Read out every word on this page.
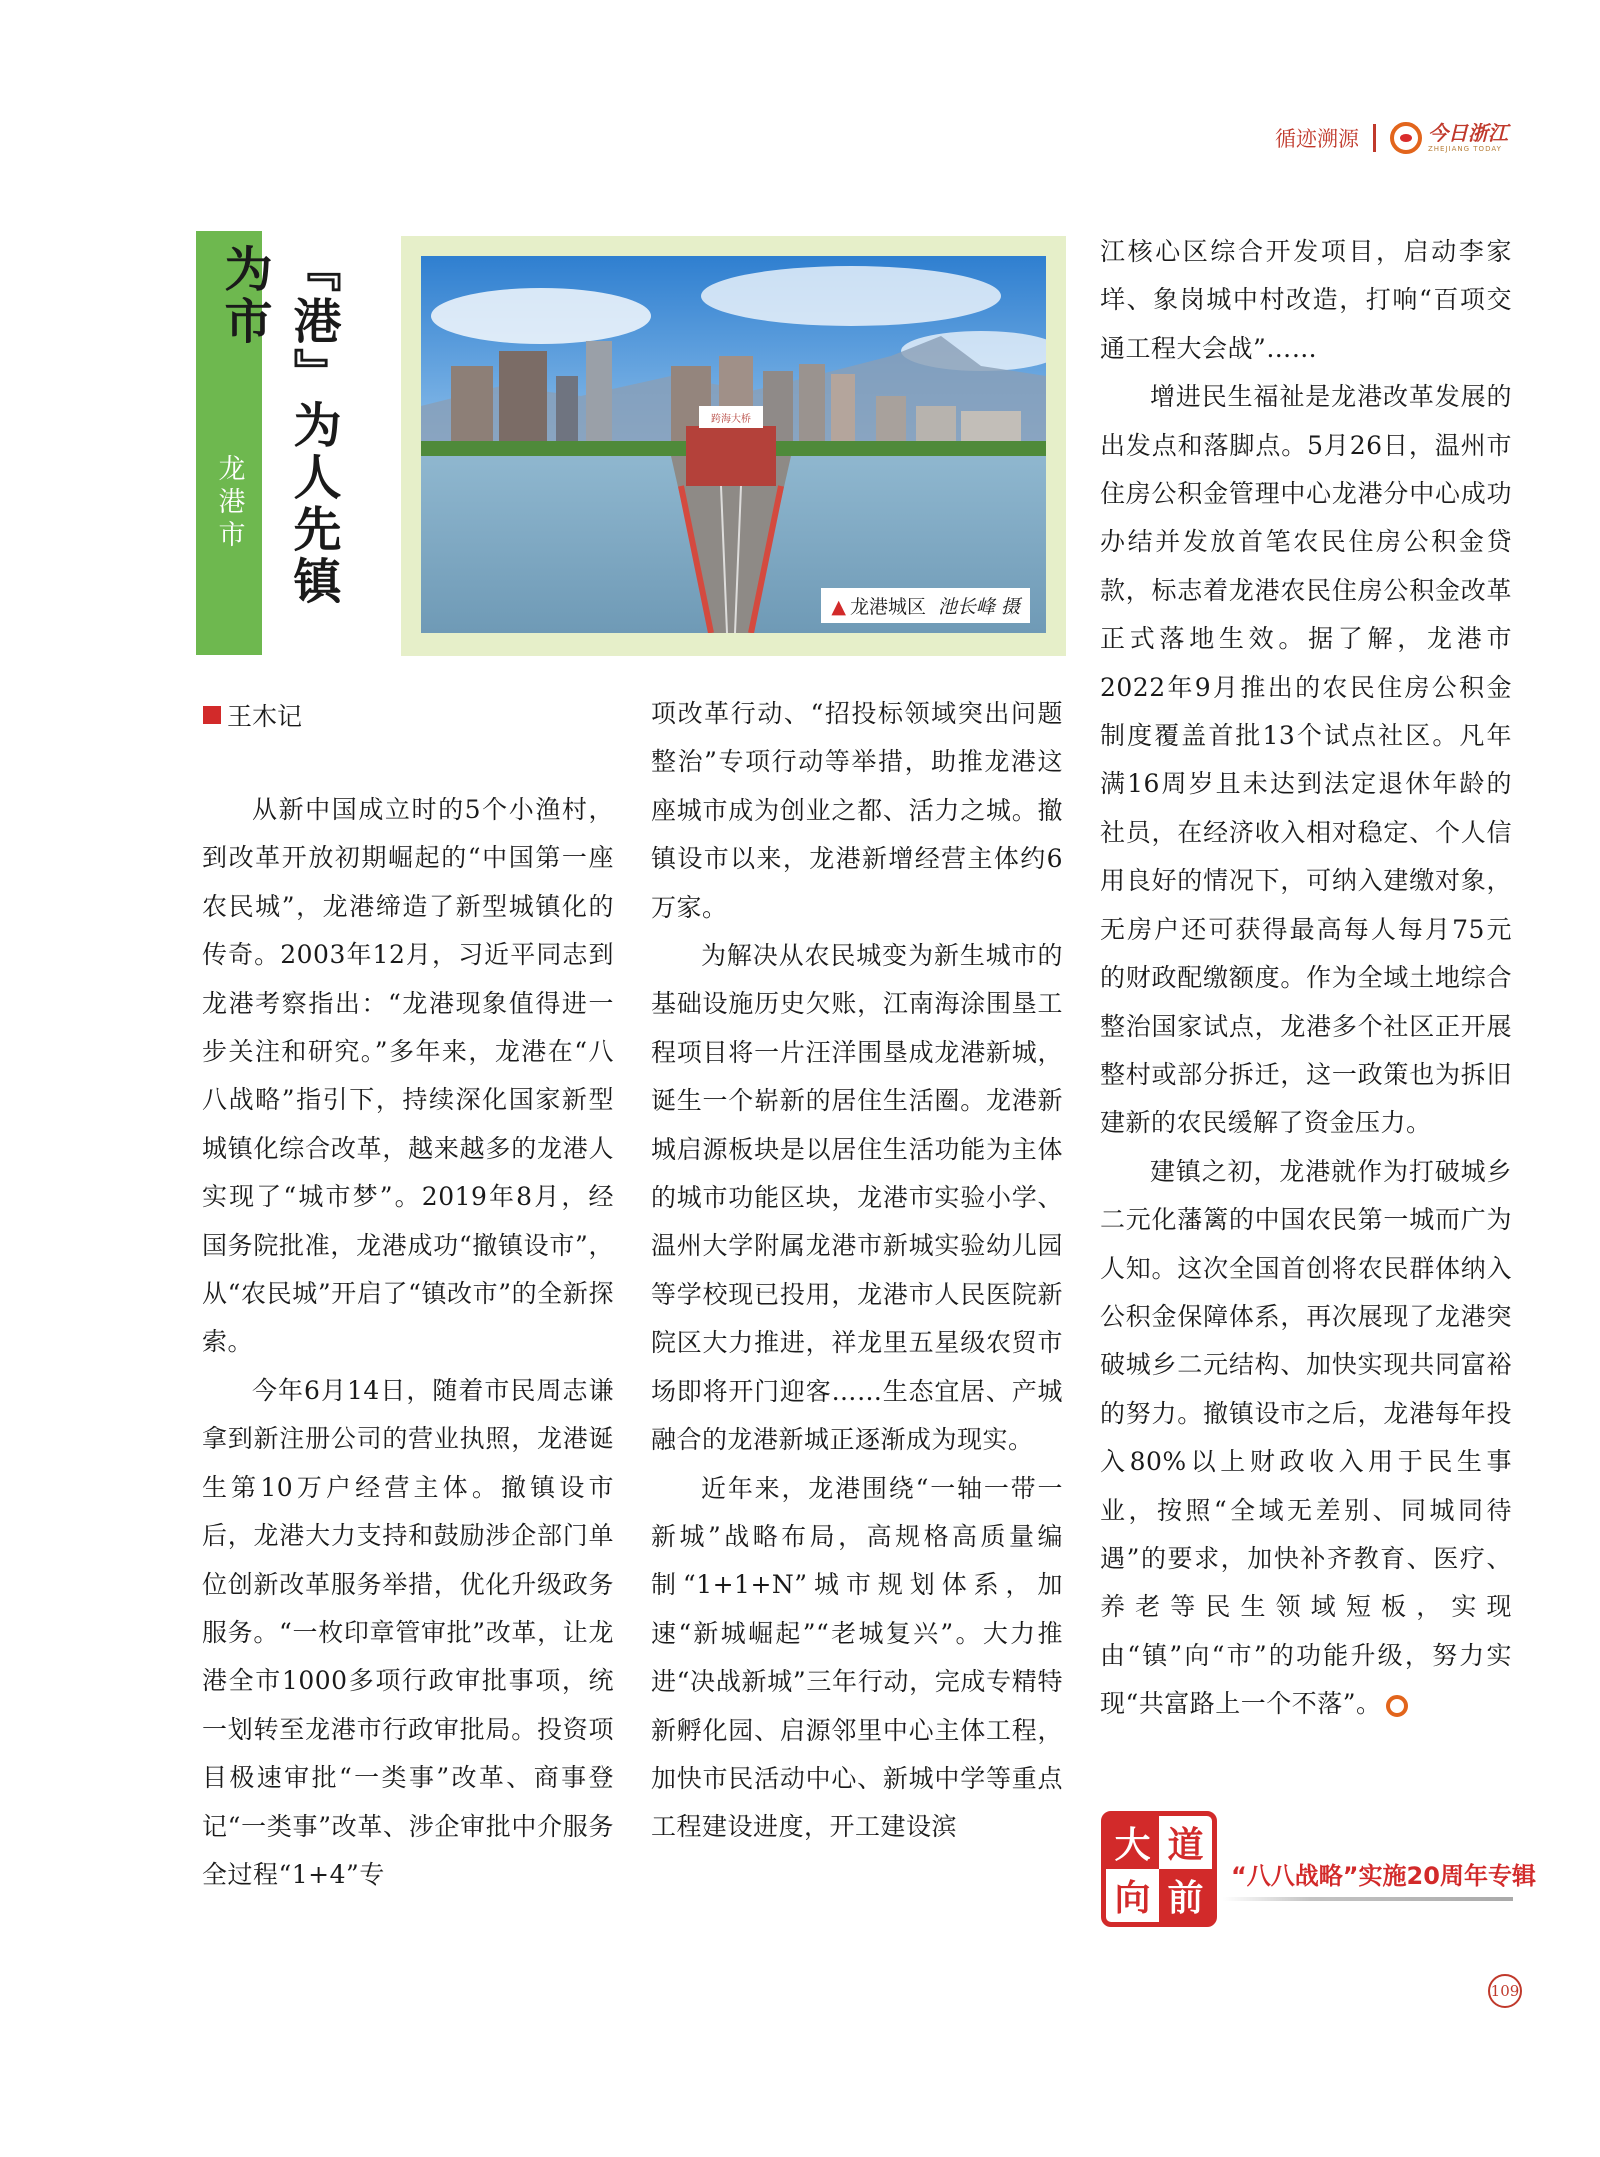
循迹溯源	今日浙江
ZHEJIANG TODAY
龙港市 『港』为人先镇为市
跨海大桥
▲ 龙港城区 池长峰 摄
王木记

从新中国成立时的5个小渔村，到改革开放初期崛起的“中国第一座农民城”，龙港缔造了新型城镇化的传奇。2003年12月，习近平同志到龙港考察指出：“龙港现象值得进一步关注和研究。”多年来，龙港在“八八战略”指引下，持续深化国家新型城镇化综合改革，越来越多的龙港人实现了“城市梦”。2019年8月，经国务院批准，龙港成功“撤镇设市”，从“农民城”开启了“镇改市”的全新探索。

今年6月14日，随着市民周志谦拿到新注册公司的营业执照，龙港诞生第10万户经营主体。撤镇设市后，龙港大力支持和鼓励涉企部门单位创新改革服务举措，优化升级政务服务。“一枚印章管审批”改革，让龙港全市1000多项行政审批事项，统一划转至龙港市行政审批局。投资项目极速审批“一类事”改革、商事登记“一类事”改革、涉企审批中介服务全过程“1+4”专

项改革行动、“招投标领域突出问题整治”专项行动等举措，助推龙港这座城市成为创业之都、活力之城。撤镇设市以来，龙港新增经营主体约6万家。

为解决从农民城变为新生城市的基础设施历史欠账，江南海涂围垦工程项目将一片汪洋围垦成龙港新城，诞生一个崭新的居住生活圈。龙港新城启源板块是以居住生活功能为主体的城市功能区块，龙港市实验小学、温州大学附属龙港市新城实验幼儿园等学校现已投用，龙港市人民医院新院区大力推进，祥龙里五星级农贸市场即将开门迎客……生态宜居、产城融合的龙港新城正逐渐成为现实。

近年来，龙港围绕“一轴一带一新城”战略布局，高规格高质量编制“1+1+N”城市规划体系，加速“新城崛起”“老城复兴”。大力推进“决战新城”三年行动，完成专精特新孵化园、启源邻里中心主体工程，加快市民活动中心、新城中学等重点工程建设进度，开工建设滨

江核心区综合开发项目，启动李家垟、象岗城中村改造，打响“百项交通工程大会战”……

增进民生福祉是龙港改革发展的出发点和落脚点。5月26日，温州市住房公积金管理中心龙港分中心成功办结并发放首笔农民住房公积金贷款，标志着龙港农民住房公积金改革正式落地生效。据了解，龙港市2022年9月推出的农民住房公积金制度覆盖首批13个试点社区。凡年满16周岁且未达到法定退休年龄的社员，在经济收入相对稳定、个人信用良好的情况下，可纳入建缴对象，无房户还可获得最高每人每月75元的财政配缴额度。作为全域土地综合整治国家试点，龙港多个社区正开展整村或部分拆迁，这一政策也为拆旧建新的农民缓解了资金压力。

建镇之初，龙港就作为打破城乡二元化藩篱的中国农民第一城而广为人知。这次全国首创将农民群体纳入公积金保障体系，再次展现了龙港突破城乡二元结构、加快实现共同富裕的努力。撤镇设市之后，龙港每年投入80%以上财政收入用于民生事业，按照“全域无差别、同城同待遇”的要求，加快补齐教育、医疗、养老等民生领域短板，实现由“镇”向“市”的功能升级，努力实现“共富路上一个不落”。

大 道
向 前
“八八战略”实施20周年专辑
109
